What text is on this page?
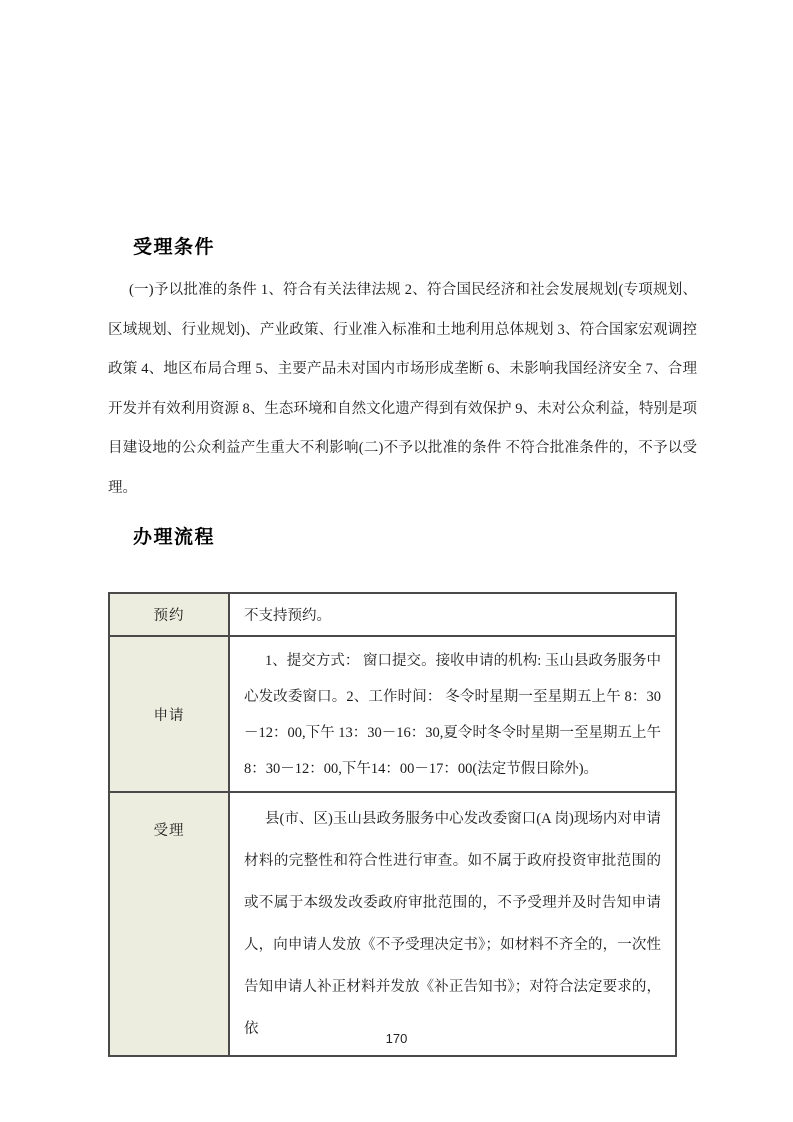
受理条件

(一)予以批准的条件 1、符合有关法律法规 2、符合国民经济和社会发展规划(专项规划、区域规划、行业规划)、产业政策、行业准入标准和土地利用总体规划 3、符合国家宏观调控政策 4、地区布局合理 5、主要产品未对国内市场形成垄断 6、未影响我国经济安全 7、合理开发并有效利用资源 8、生态环境和自然文化遗产得到有效保护 9、未对公众利益，特别是项目建设地的公众利益产生重大不利影响(二)不予以批准的条件 不符合批准条件的，不予以受理。

办理流程
预约	不支持预约。
申请	1、提交方式： 窗口提交。接收申请的机构: 玉山县政务服务中心发改委窗口。2、工作时间： 冬令时星期一至星期五上午 8：30－12：00,下午 13：30－16：30,夏令时冬令时星期一至星期五上午 8：30－12：00,下午14：00－17：00(法定节假日除外)。
受理	县(市、区)玉山县政务服务中心发改委窗口(A 岗)现场内对申请材料的完整性和符合性进行审查。如不属于政府投资审批范围的或不属于本级发改委政府审批范围的，不予受理并及时告知申请人，向申请人发放《不予受理决定书》；如材料不齐全的，一次性告知申请人补正材料并发放《补正告知书》；对符合法定要求的，依
170
